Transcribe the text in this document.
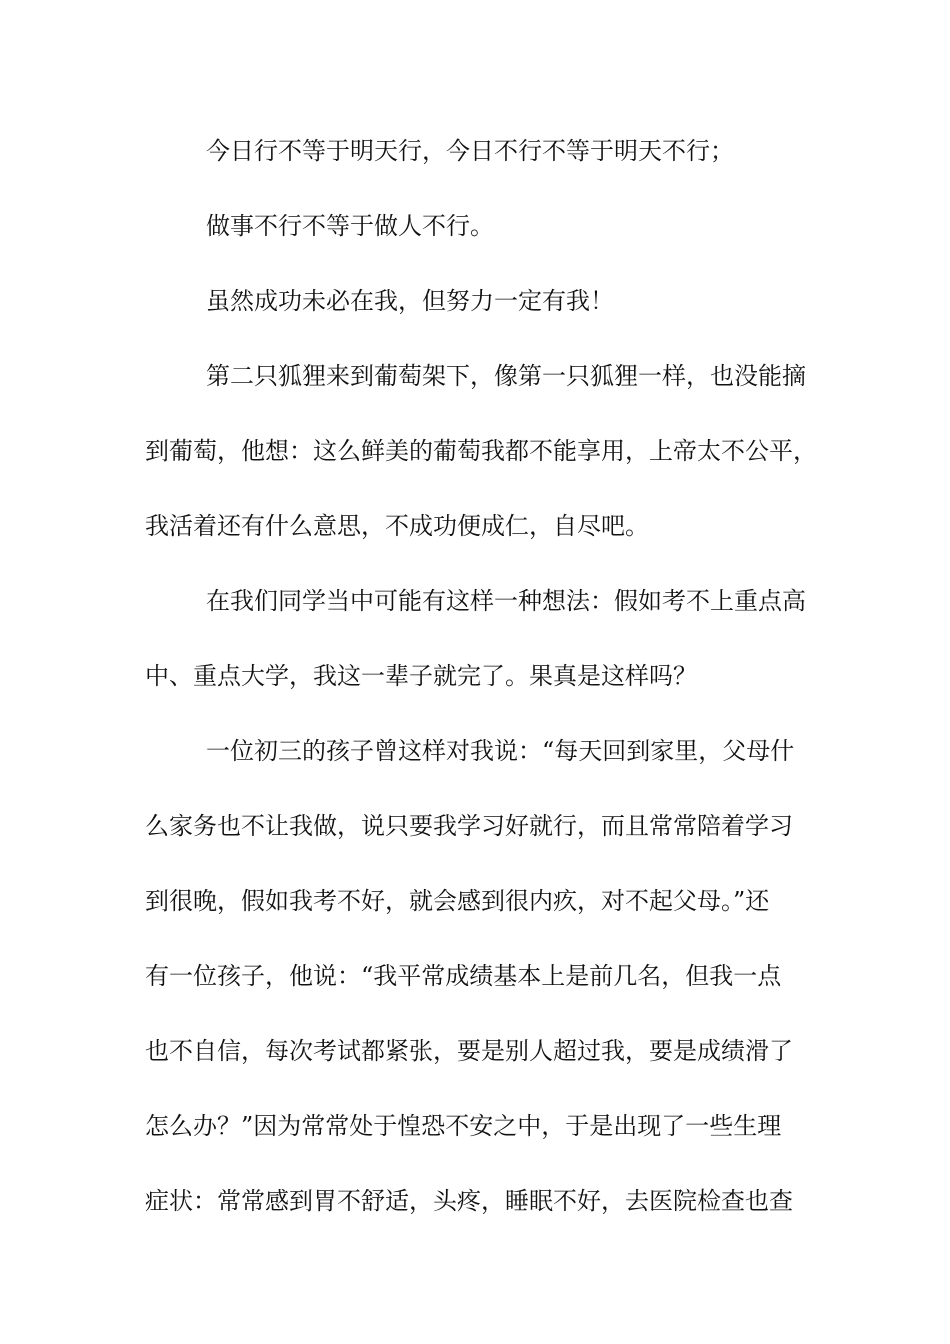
今日行不等于明天行，今日不行不等于明天不行；
做事不行不等于做人不行。
虽然成功未必在我，但努力一定有我！
第二只狐狸来到葡萄架下，像第一只狐狸一样，也没能摘
到葡萄，他想：这么鲜美的葡萄我都不能享用，上帝太不公平，
我活着还有什么意思，不成功便成仁，自尽吧。
在我们同学当中可能有这样一种想法：假如考不上重点高
中、重点大学，我这一辈子就完了。果真是这样吗？
一位初三的孩子曾这样对我说：“每天回到家里，父母什
么家务也不让我做，说只要我学习好就行，而且常常陪着学习
到很晚，假如我考不好，就会感到很内疚，对不起父母。”还
有一位孩子，他说：“我平常成绩基本上是前几名，但我一点
也不自信，每次考试都紧张，要是别人超过我，要是成绩滑了
怎么办？”因为常常处于惶恐不安之中，于是出现了一些生理
症状：常常感到胃不舒适，头疼，睡眠不好，去医院检查也查
